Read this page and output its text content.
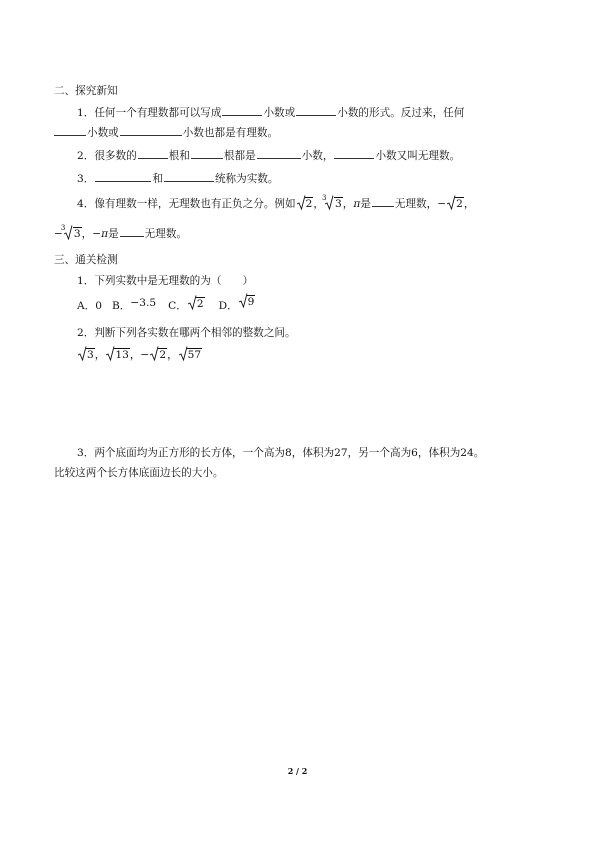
二、探究新知
1．任何一个有理数都可以写成	小数或	小数的形式。反过来，任何
小数或	小数也都是有理数。
2．很多数的	根和	根都是	小数，	小数又叫无理数。
3．	和	统称为实数。
4．像有理数一样，无理数也有正负之分。例如 2，
3 3，π是 无理数，− 2，
−
3 3，−π是 无理数。
三、通关检测
1．下列实数中是无理数的为（　　）
A．0 B．−3.5 C． 2 D． 9
2．判断下列各实数在哪两个相邻的整数之间。
3， 13，− 2， 57
3．两个底面均为正方形的长方体，一个高为8，体积为27，另一个高为6，体积为24。
比较这两个长方体底面边长的大小。
2 / 2
